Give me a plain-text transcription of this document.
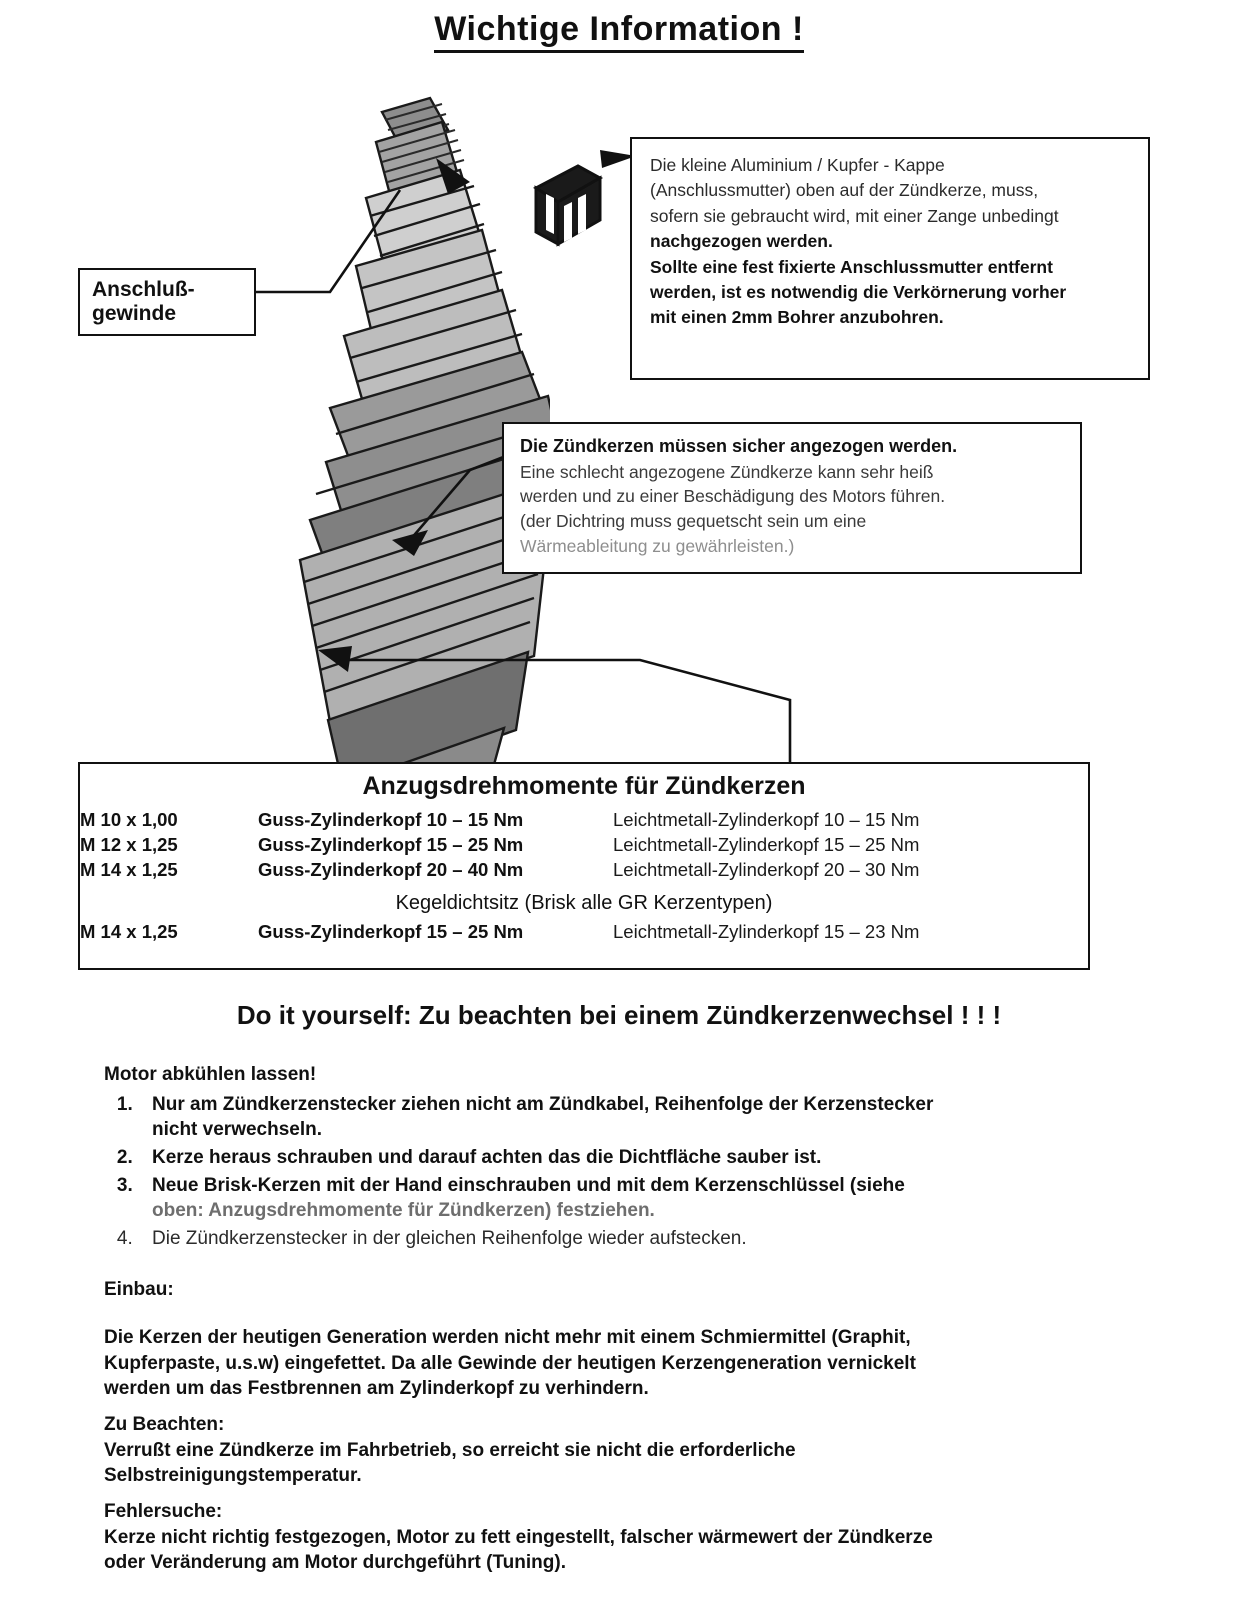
Wichtige Information !
Anschluß-
gewinde
Die kleine Aluminium / Kupfer - Kappe
(Anschlussmutter) oben auf der Zündkerze, muss,
sofern sie gebraucht wird, mit einer Zange unbedingt
nachgezogen werden.
Sollte eine fest fixierte Anschlussmutter entfernt
werden, ist es notwendig die Verkörnerung vorher
mit einen 2mm Bohrer anzubohren.
Die Zündkerzen müssen sicher angezogen werden.
Eine schlecht angezogene Zündkerze kann sehr heiß
werden und zu einer Beschädigung des Motors führen.
(der Dichtring muss gequetscht sein um eine
Wärmeableitung zu gewährleisten.)
Anzugsdrehmomente für Zündkerzen
M 10 x 1,00	Guss-Zylinderkopf 10 – 15 Nm	Leichtmetall-Zylinderkopf 10 – 15 Nm
M 12 x 1,25	Guss-Zylinderkopf 15 – 25 Nm	Leichtmetall-Zylinderkopf 15 – 25 Nm
M 14 x 1,25	Guss-Zylinderkopf 20 – 40 Nm	Leichtmetall-Zylinderkopf 20 – 30 Nm
Kegeldichtsitz (Brisk alle GR Kerzentypen)
M 14 x 1,25	Guss-Zylinderkopf 15 – 25 Nm	Leichtmetall-Zylinderkopf 15 – 23 Nm
Do it yourself: Zu beachten bei einem Zündkerzenwechsel ! ! !
Motor abkühlen lassen!
1. Nur am Zündkerzenstecker ziehen nicht am Zündkabel, Reihenfolge der Kerzenstecker
nicht verwechseln.
2. Kerze heraus schrauben und darauf achten das die Dichtfläche sauber ist.
3. Neue Brisk-Kerzen mit der Hand einschrauben und mit dem Kerzenschlüssel (siehe
oben: Anzugsdrehmomente für Zündkerzen) festziehen.
4. Die Zündkerzenstecker in der gleichen Reihenfolge wieder aufstecken.
Einbau:
Die Kerzen der heutigen Generation werden nicht mehr mit einem Schmiermittel (Graphit,
Kupferpaste, u.s.w) eingefettet. Da alle Gewinde der heutigen Kerzengeneration vernickelt
werden um das Festbrennen am Zylinderkopf zu verhindern.
Zu Beachten:
Verrußt eine Zündkerze im Fahrbetrieb, so erreicht sie nicht die erforderliche
Selbstreinigungstemperatur.
Fehlersuche:
Kerze nicht richtig festgezogen, Motor zu fett eingestellt, falscher wärmewert der Zündkerze
oder Veränderung am Motor durchgeführt (Tuning).
